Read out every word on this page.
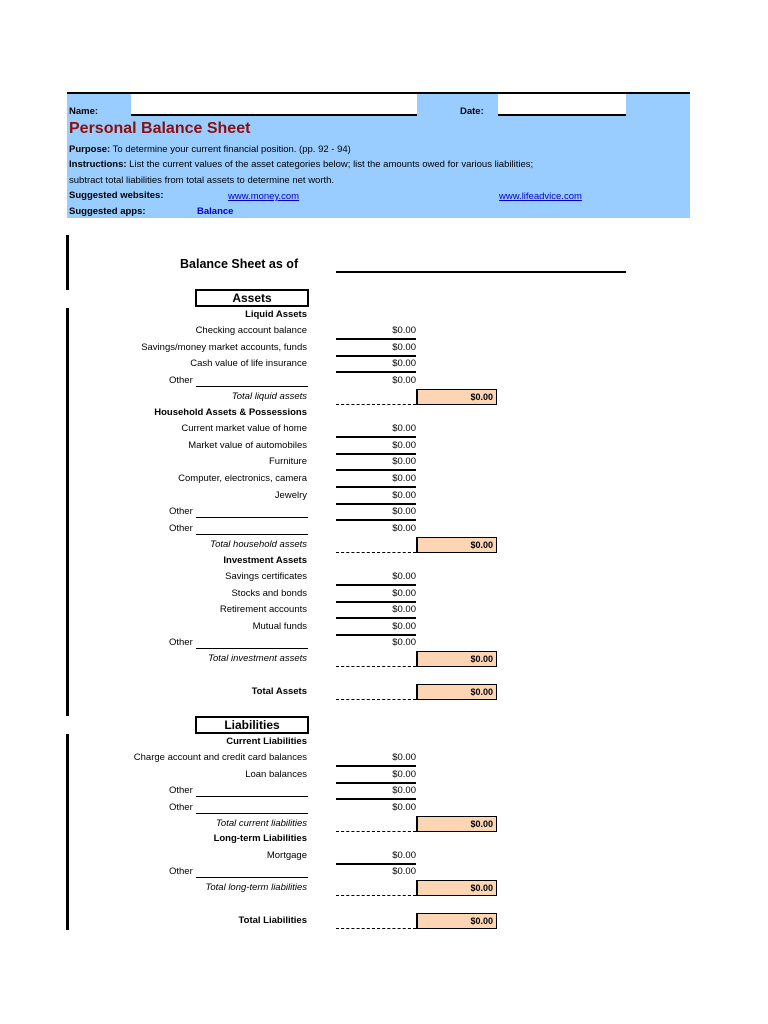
Name:	Date:
Personal Balance Sheet
Purpose: To determine your current financial position. (pp. 92 - 94)
Instructions: List the current values of the asset categories below; list the amounts owed for various liabilities;
subtract total liabilities from total assets to determine net worth.
Suggested websites:	www.money.com	www.lifeadvice.com
Suggested apps:	Balance
Balance Sheet as of
Assets
Liquid Assets
Checking account balance	$0.00
Savings/money market accounts, funds	$0.00
Cash value of life insurance	$0.00
Other	$0.00
Total liquid assets	$0.00
Household Assets & Possessions
Current market value of home	$0.00
Market value of automobiles	$0.00
Furniture	$0.00
Computer, electronics, camera	$0.00
Jewelry	$0.00
Other	$0.00
Other	$0.00
Total household assets	$0.00
Investment Assets
Savings certificates	$0.00
Stocks and bonds	$0.00
Retirement accounts	$0.00
Mutual funds	$0.00
Other	$0.00
Total investment assets	$0.00
Total Assets	$0.00
Liabilities
Current Liabilities
Charge account and credit card balances	$0.00
Loan balances	$0.00
Other	$0.00
Other	$0.00
Total current liabilities	$0.00
Long-term Liabilities
Mortgage	$0.00
Other	$0.00
Total long-term liabilities	$0.00
Total Liabilities	$0.00
